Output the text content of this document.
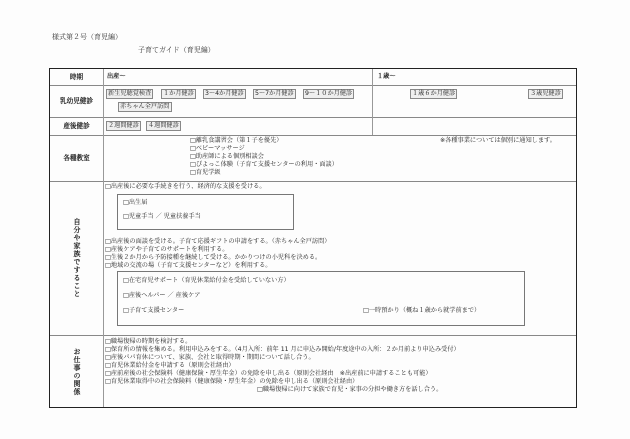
様式第２号（育児編）
子育てガイド（育児編）
時期	出産～	１歳～
乳幼児健診
新生児聴覚検査	１か月健診	3～4か月健診	5～7か月健診	9～１０か月健診
赤ちゃん全戸訪問
１歳６か月健診	３歳児健診
産後健診	２週間健診	４週間健診
各種教室
□離乳食講習会（第１子を優先）
□ベビーマッサージ
□助産師による個別相談会
□ぴよっこ体験（子育て支援センターの利用・面談）
□育児学級
※各種事業については個別に通知します。
自分や家族ですること
□出産後に必要な手続きを行う、経済的な支援を受ける。
□出生届
□児童手当 ／ 児童扶養手当
□出産後の面談を受ける。子育て応援ギフトの申請をする。（赤ちゃん全戸訪問）
□産後ケアや子育てのサポートを利用する。
□生後２か月から予防接種を継続して受ける。かかりつけの小児科を決める。
□地域の交流の場（子育て支援センターなど）を利用する。
□在宅育児サポート（育児休業給付金を受給していない方）
□産後ヘルパー ／ 産後ケア
□子育て支援センター	□一時預かり（概ね１歳から就学前まで）
お仕事の関係
□職場復帰の時期を検討する。
□保育所の情報を集める。利用申込みをする。（4月入所：前年 11 月に申込み開始/年度途中の入所：２か月前より申込み受付）
□産後パパ育休について、家族、会社と取得時期・期間について話し合う。
□育児休業給付金を申請する（原則会社経由）
□産前産後の社会保険料（健康保険・厚生年金）の免除を申し出る（原則会社経由　※出産前に申請することも可能）
□育児休業取得中の社会保険料（健康保険・厚生年金）の免除を申し出る（原則会社経由）
□職場復帰に向けて家族で育児・家事の分担や働き方を話し合う。
